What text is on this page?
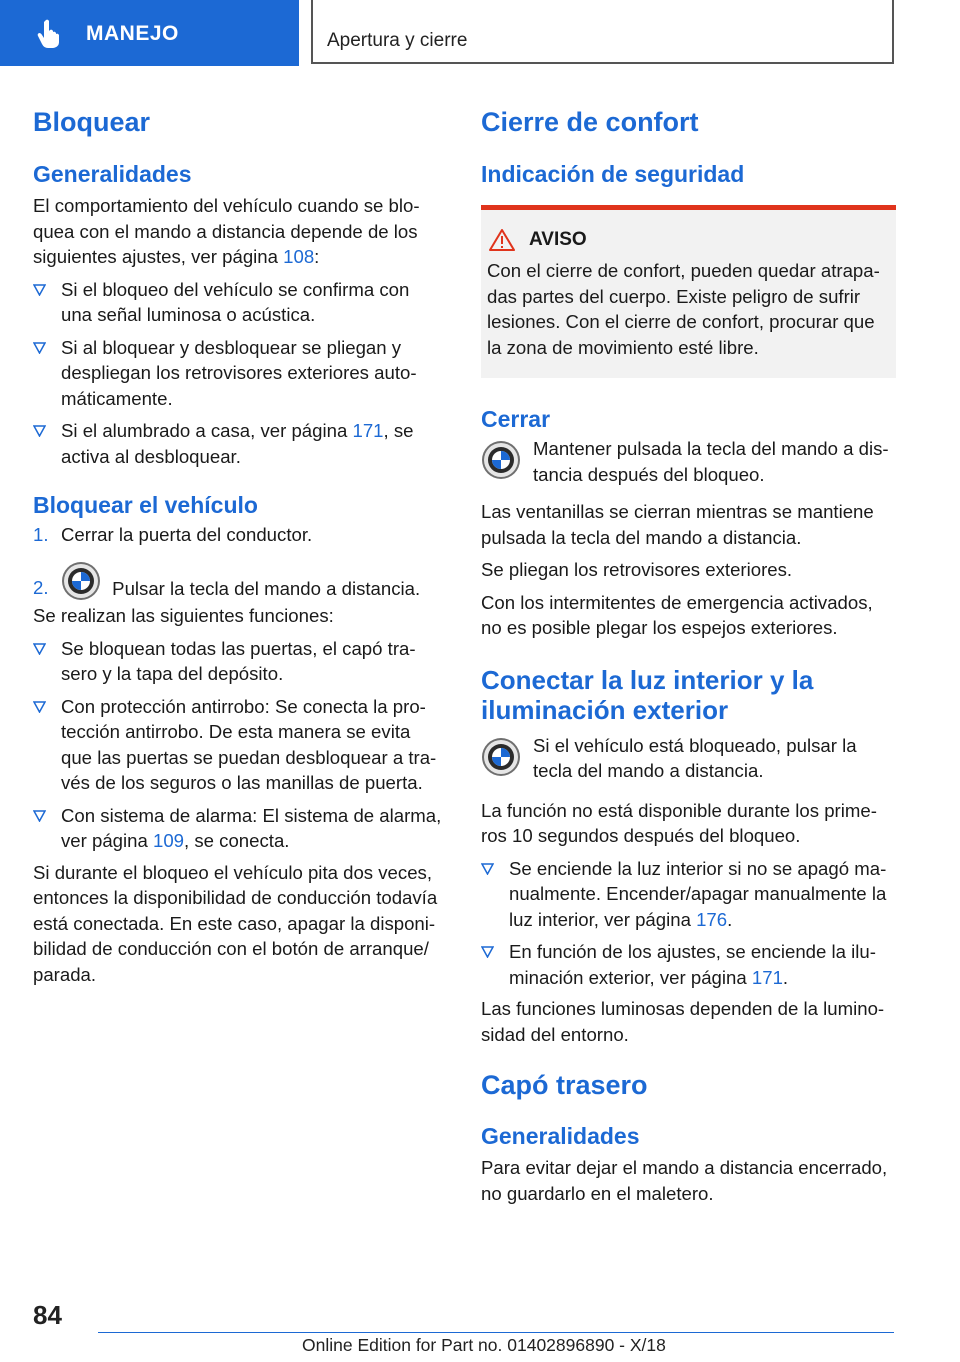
MANEJO	Apertura y cierre
Bloquear
Generalidades

El comportamiento del vehículo cuando se blo-
quea con el mando a distancia depende de los
siguientes ajustes, ver página 108:

Si el bloqueo del vehículo se confirma con
una señal luminosa o acústica.
Si al bloquear y desbloquear se pliegan y
despliegan los retrovisores exteriores auto-
máticamente.
Si el alumbrado a casa, ver página 171, se
activa al desbloquear.
Bloquear el vehículo
1. Cerrar la puerta del conductor.
2.	Pulsar la tecla del mando a distancia.

Se realizan las siguientes funciones:

Se bloquean todas las puertas, el capó tra-
sero y la tapa del depósito.
Con protección antirrobo: Se conecta la pro-
tección antirrobo. De esta manera se evita
que las puertas se puedan desbloquear a tra-
vés de los seguros o las manillas de puerta.
Con sistema de alarma: El sistema de alarma,
ver página 109, se conecta.

Si durante el bloqueo el vehículo pita dos veces,
entonces la disponibilidad de conducción todavía
está conectada. En este caso, apagar la disponi-
bilidad de conducción con el botón de arranque/
parada.

Cierre de confort
Indicación de seguridad
AVISO

Con el cierre de confort, pueden quedar atrapa-
das partes del cuerpo. Existe peligro de sufrir
lesiones. Con el cierre de confort, procurar que
la zona de movimiento esté libre.

Cerrar

Mantener pulsada la tecla del mando a dis-
tancia después del bloqueo.

Las ventanillas se cierran mientras se mantiene
pulsada la tecla del mando a distancia.

Se pliegan los retrovisores exteriores.

Con los intermitentes de emergencia activados,
no es posible plegar los espejos exteriores.

Conectar la luz interior y la
iluminación exterior

Si el vehículo está bloqueado, pulsar la
tecla del mando a distancia.

La función no está disponible durante los prime-
ros 10 segundos después del bloqueo.

Se enciende la luz interior si no se apagó ma-
nualmente. Encender/apagar manualmente la
luz interior, ver página 176.
En función de los ajustes, se enciende la ilu-
minación exterior, ver página 171.

Las funciones luminosas dependen de la lumino-
sidad del entorno.

Capó trasero
Generalidades

Para evitar dejar el mando a distancia encerrado,
no guardarlo en el maletero.

84
Online Edition for Part no. 01402896890 - X/18
